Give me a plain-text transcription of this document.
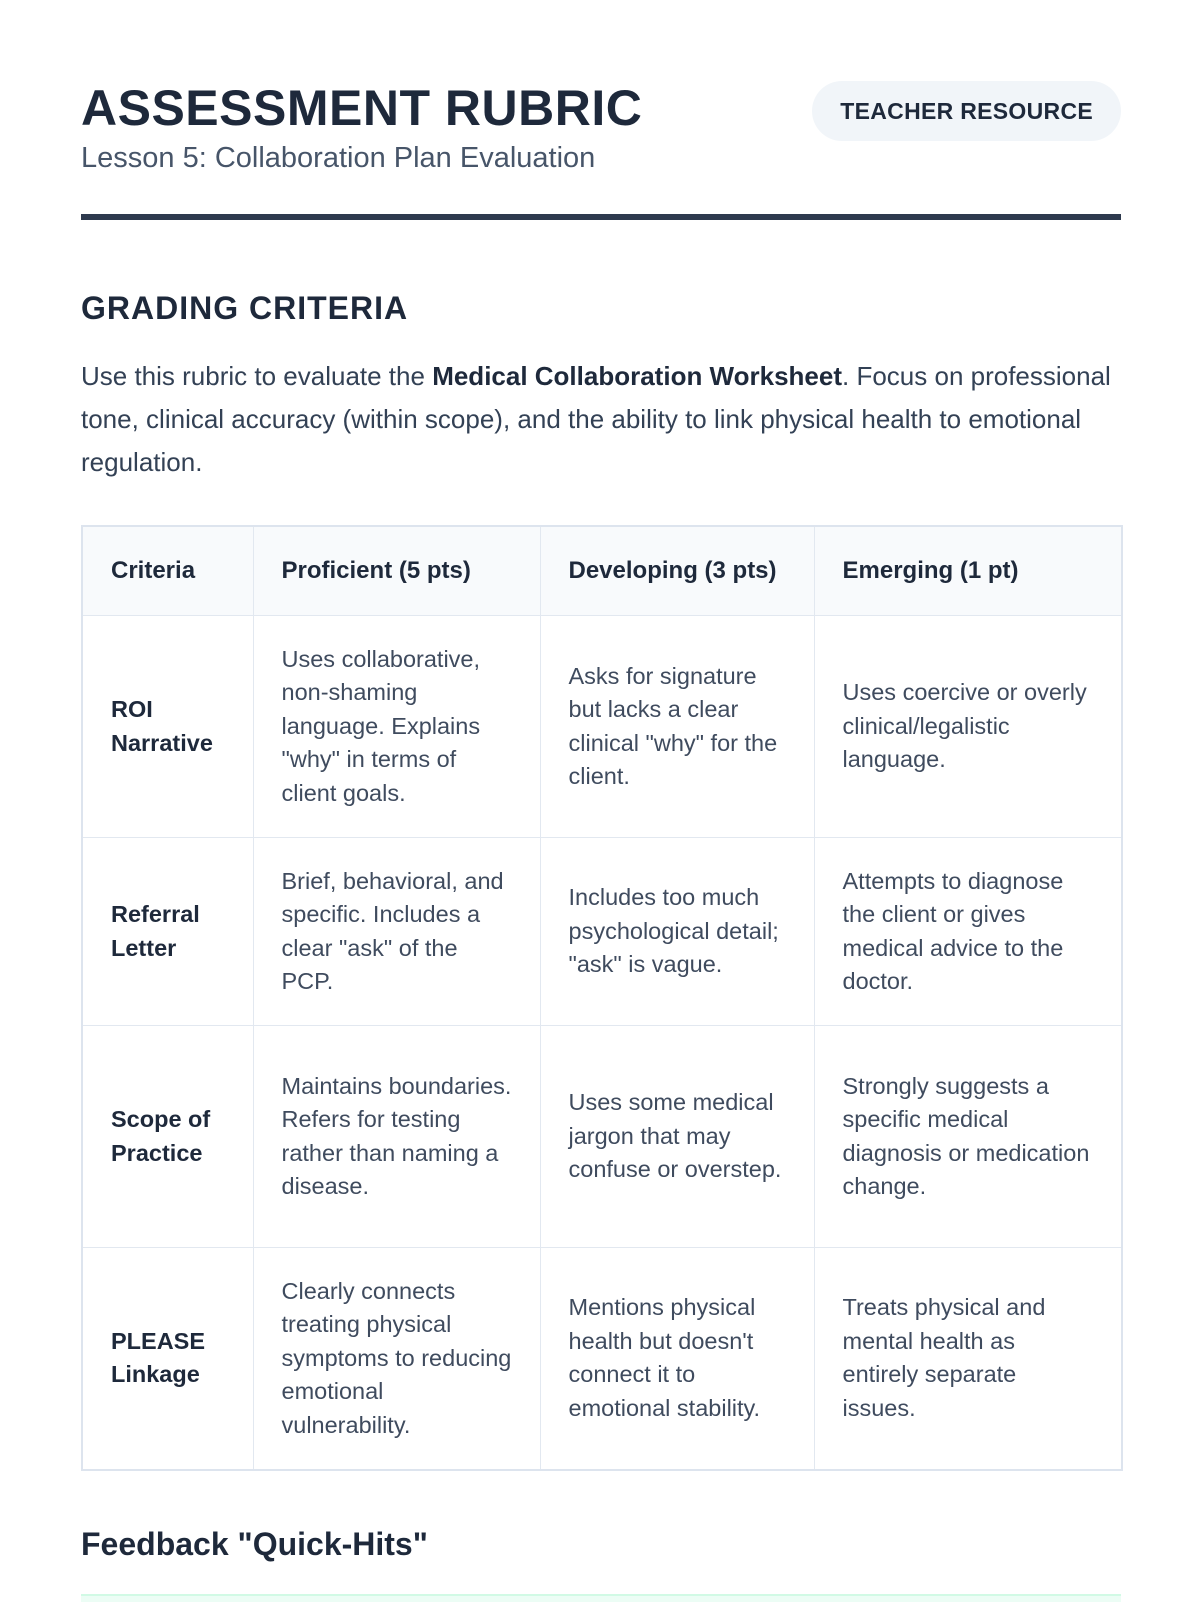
ASSESSMENT RUBRIC
Lesson 5: Collaboration Plan Evaluation
TEACHER RESOURCE
GRADING CRITERIA

Use this rubric to evaluate the Medical Collaboration Worksheet. Focus on professional tone, clinical accuracy (within scope), and the ability to link physical health to emotional regulation.

Criteria	Proficient (5 pts)	Developing (3 pts)	Emerging (1 pt)
ROI Narrative	Uses collaborative, non-shaming language. Explains "why" in terms of client goals.	Asks for signature but lacks a clear clinical "why" for the client.	Uses coercive or overly clinical/legalistic language.
Referral Letter	Brief, behavioral, and specific. Includes a clear "ask" of the PCP.	Includes too much psychological detail; "ask" is vague.	Attempts to diagnose the client or gives medical advice to the doctor.
Scope of Practice	Maintains boundaries. Refers for testing rather than naming a disease.	Uses some medical jargon that may confuse or overstep.	Strongly suggests a specific medical diagnosis or medication change.
PLEASE Linkage	Clearly connects treating physical symptoms to reducing emotional vulnerability.	Mentions physical health but doesn't connect it to emotional stability.	Treats physical and mental health as entirely separate issues.
Feedback "Quick-Hits"
